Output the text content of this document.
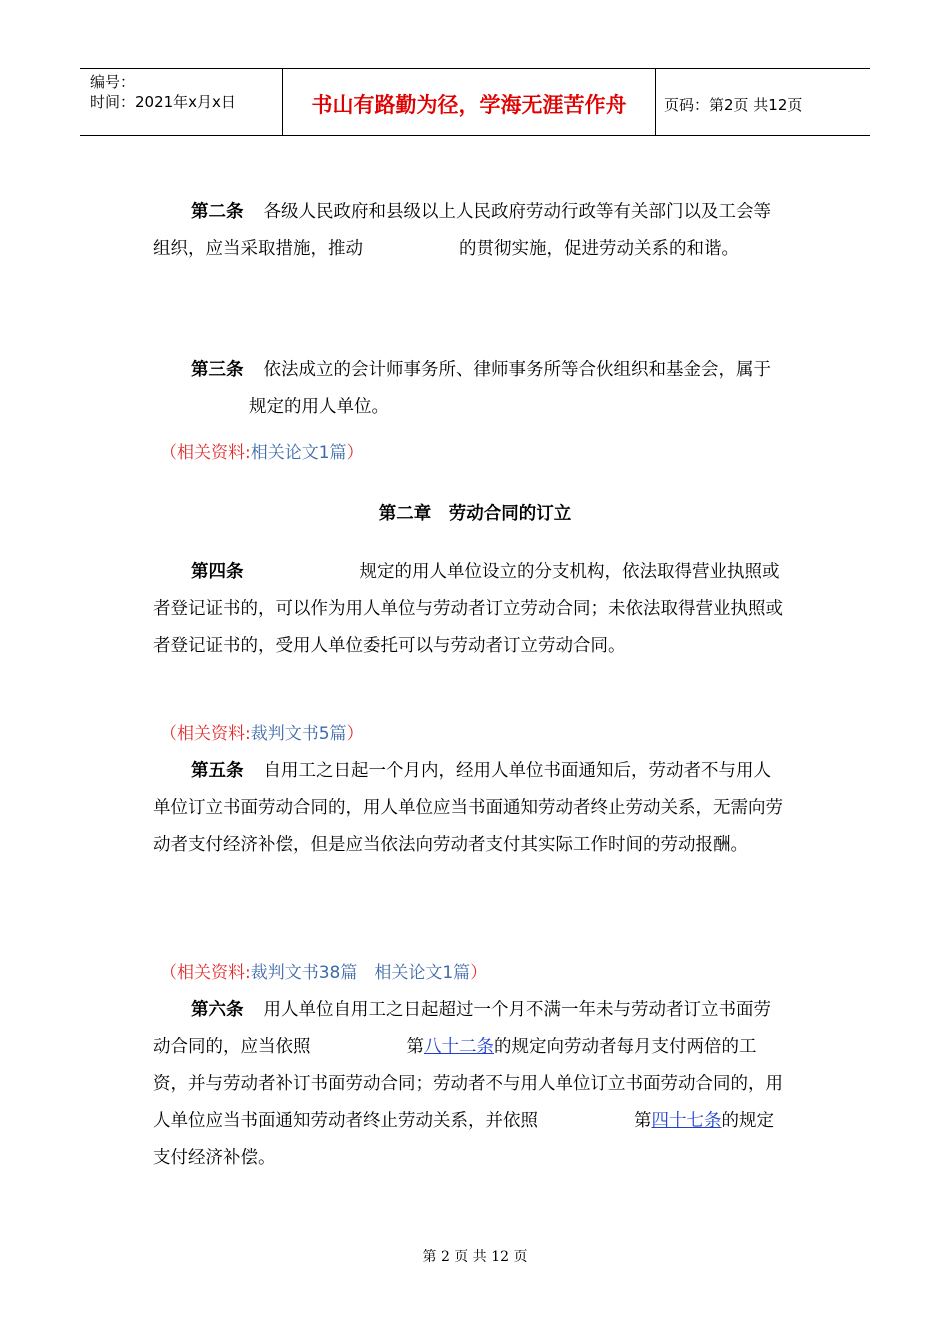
编号：
时间：2021年x月x日	书山有路勤为径，学海无涯苦作舟	页码：第2页 共12页
第二条 各级人民政府和县级以上人民政府劳动行政等有关部门以及工会等组织，应当采取措施，推动	的贯彻实施，促进劳动关系的和谐。
第三条 依法成立的会计师事务所、律师事务所等合伙组织和基金会，属于规定的用人单位。
（相关资料:相关论文1篇）
第二章　劳动合同的订立
第四条	规定的用人单位设立的分支机构，依法取得营业执照或者登记证书的，可以作为用人单位与劳动者订立劳动合同；未依法取得营业执照或者登记证书的，受用人单位委托可以与劳动者订立劳动合同。
（相关资料:裁判文书5篇）
第五条 自用工之日起一个月内，经用人单位书面通知后，劳动者不与用人单位订立书面劳动合同的，用人单位应当书面通知劳动者终止劳动关系，无需向劳动者支付经济补偿，但是应当依法向劳动者支付其实际工作时间的劳动报酬。
（相关资料:裁判文书38篇　相关论文1篇）
第六条 用人单位自用工之日起超过一个月不满一年未与劳动者订立书面劳动合同的，应当依照	第八十二条的规定向劳动者每月支付两倍的工资，并与劳动者补订书面劳动合同；劳动者不与用人单位订立书面劳动合同的，用人单位应当书面通知劳动者终止劳动关系，并依照	第四十七条的规定支付经济补偿。
第 2 页 共 12 页
